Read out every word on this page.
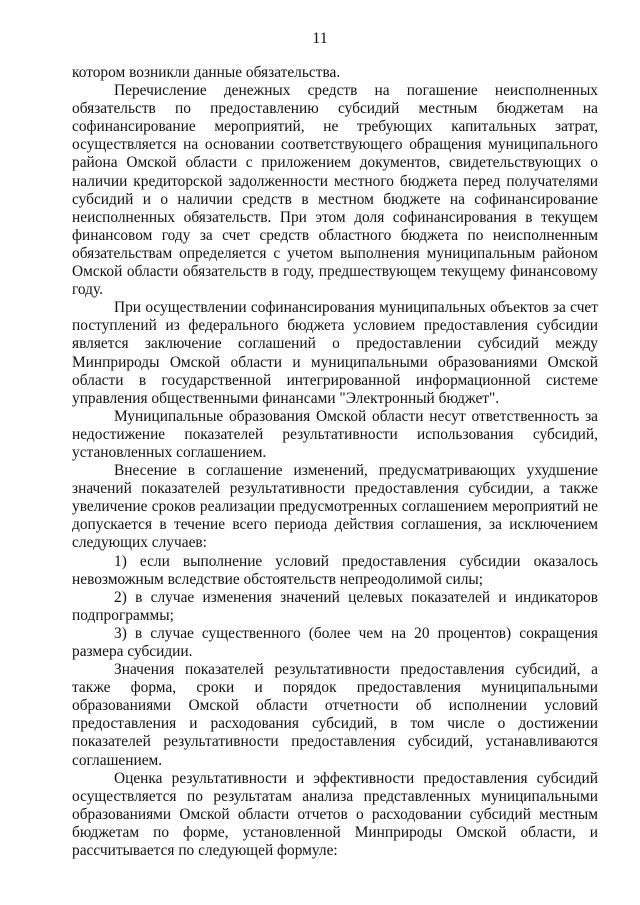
11

котором возникли данные обязательства.

Перечисление денежных средств на погашение неисполненных обязательств по предоставлению субсидий местным бюджетам на софинансирование мероприятий, не требующих капитальных затрат, осуществляется на основании соответствующего обращения муниципального района Омской области с приложением документов, свидетельствующих о наличии кредиторской задолженности местного бюджета перед получателями субсидий и о наличии средств в местном бюджете на софинансирование неисполненных обязательств. При этом доля софинансирования в текущем финансовом году за счет средств областного бюджета по неисполненным обязательствам определяется с учетом выполнения муниципальным районом Омской области обязательств в году, предшествующем текущему финансовому году.

При осуществлении софинансирования муниципальных объектов за счет поступлений из федерального бюджета условием предоставления субсидии является заключение соглашений о предоставлении субсидий между Минприроды Омской области и муниципальными образованиями Омской области в государственной интегрированной информационной системе управления общественными финансами "Электронный бюджет".

Муниципальные образования Омской области несут ответственность за недостижение показателей результативности использования субсидий, установленных соглашением.

Внесение в соглашение изменений, предусматривающих ухудшение значений показателей результативности предоставления субсидии, а также увеличение сроков реализации предусмотренных соглашением мероприятий не допускается в течение всего периода действия соглашения, за исключением следующих случаев:

1) если выполнение условий предоставления субсидии оказалось невозможным вследствие обстоятельств непреодолимой силы;

2) в случае изменения значений целевых показателей и индикаторов подпрограммы;

3) в случае существенного (более чем на 20 процентов) сокращения размера субсидии.

Значения показателей результативности предоставления субсидий, а также форма, сроки и порядок предоставления муниципальными образованиями Омской области отчетности об исполнении условий предоставления и расходования субсидий, в том числе о достижении показателей результативности предоставления субсидий, устанавливаются соглашением.

Оценка результативности и эффективности предоставления субсидий осуществляется по результатам анализа представленных муниципальными образованиями Омской области отчетов о расходовании субсидий местным бюджетам по форме, установленной Минприроды Омской области, и рассчитывается по следующей формуле:
